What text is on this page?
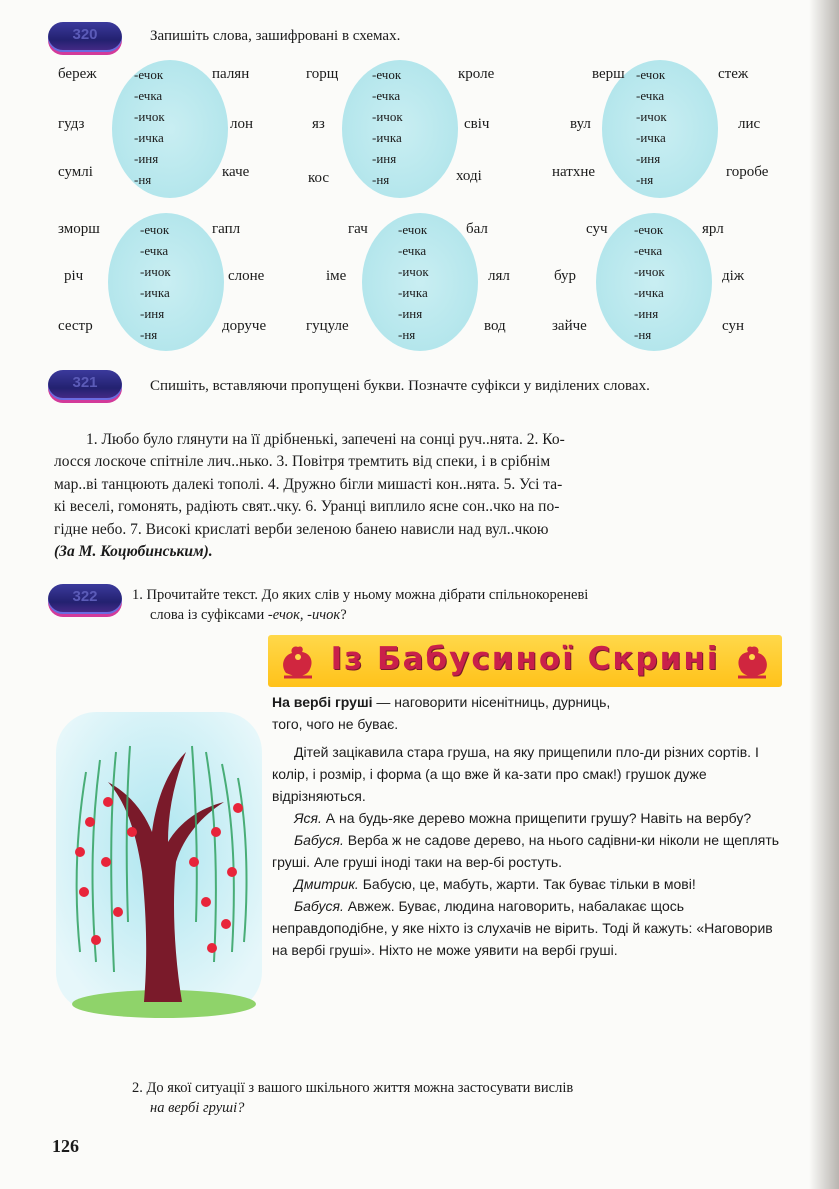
320	Запишіть слова, зашифровані в схемах.
-ечок
-ечка
-ичок
-ичка
-иня
-ня
-ечок
-ечка
-ичок
-ичка
-иня
-ня
-ечок
-ечка
-ичок
-ичка
-иня
-ня
-ечок
-ечка
-ичок
-ичка
-иня
-ня
-ечок
-ечка
-ичок
-ичка
-иня
-ня
-ечок
-ечка
-ичок
-ичка
-иня
-ня
береж
гудз
сумлі
палян
лон
каче
горщ
яз
кос
кроле
свіч
ході
верш
вул
натхне
стеж
лис
горобе
зморш
річ
сестр
гапл
слоне
доруче
гач
іме
гуцуле
бал
лял
вод
суч
бур
зайче
ярл
діж
сун
321	Спишіть, вставляючи пропущені букви. Позначте суфікси у виділених словах.
1. Любо було глянути на її дрібненькі, запечені на сонці руч..нята. 2. Ко-
лосся лоскоче спітніле лич..нько. 3. Повітря тремтить від спеки, і в срібнім
мар..ві танцюють далекі тополі. 4. Дружно бігли мишасті кон..нята. 5. Усі та-
кі веселі, гомонять, радіють свят..чку. 6. Уранці виплило ясне сон..чко на по-
гідне небо. 7. Високі крислаті верби зеленою банею нависли над вул..чкою
(За М. Коцюбинським).
322	1. Прочитайте текст. До яких слів у ньому можна дібрати спільнокореневі
слова із суфіксами -ечок, -ичок?
Із Бабусиної Скрині

На вербі груші — наговорити нісенітниць, дурниць,

того, чого не буває.

Дітей зацікавила стара груша, на яку прищепили пло-ди різних сортів. І колір, і розмір, і форма (а що вже й ка-зати про смак!) грушок дуже відрізняються.

Яся. А на будь-яке дерево можна прищепити грушу? Навіть на вербу?

Бабуся. Верба ж не садове дерево, на нього садівни-ки ніколи не щеплять груші. Але груші іноді таки на вер-бі ростуть.

Дмитрик. Бабусю, це, мабуть, жарти. Так буває тільки в мові!

Бабуся. Авжеж. Буває, людина наговорить, набалакає щось неправдоподібне, у яке ніхто із слухачів не вірить. Тоді й кажуть: «Наговорив на вербі груші». Ніхто не може уявити на вербі груші.

2. До якої ситуації з вашого шкільного життя можна застосувати вислів
на вербі груші?
126
